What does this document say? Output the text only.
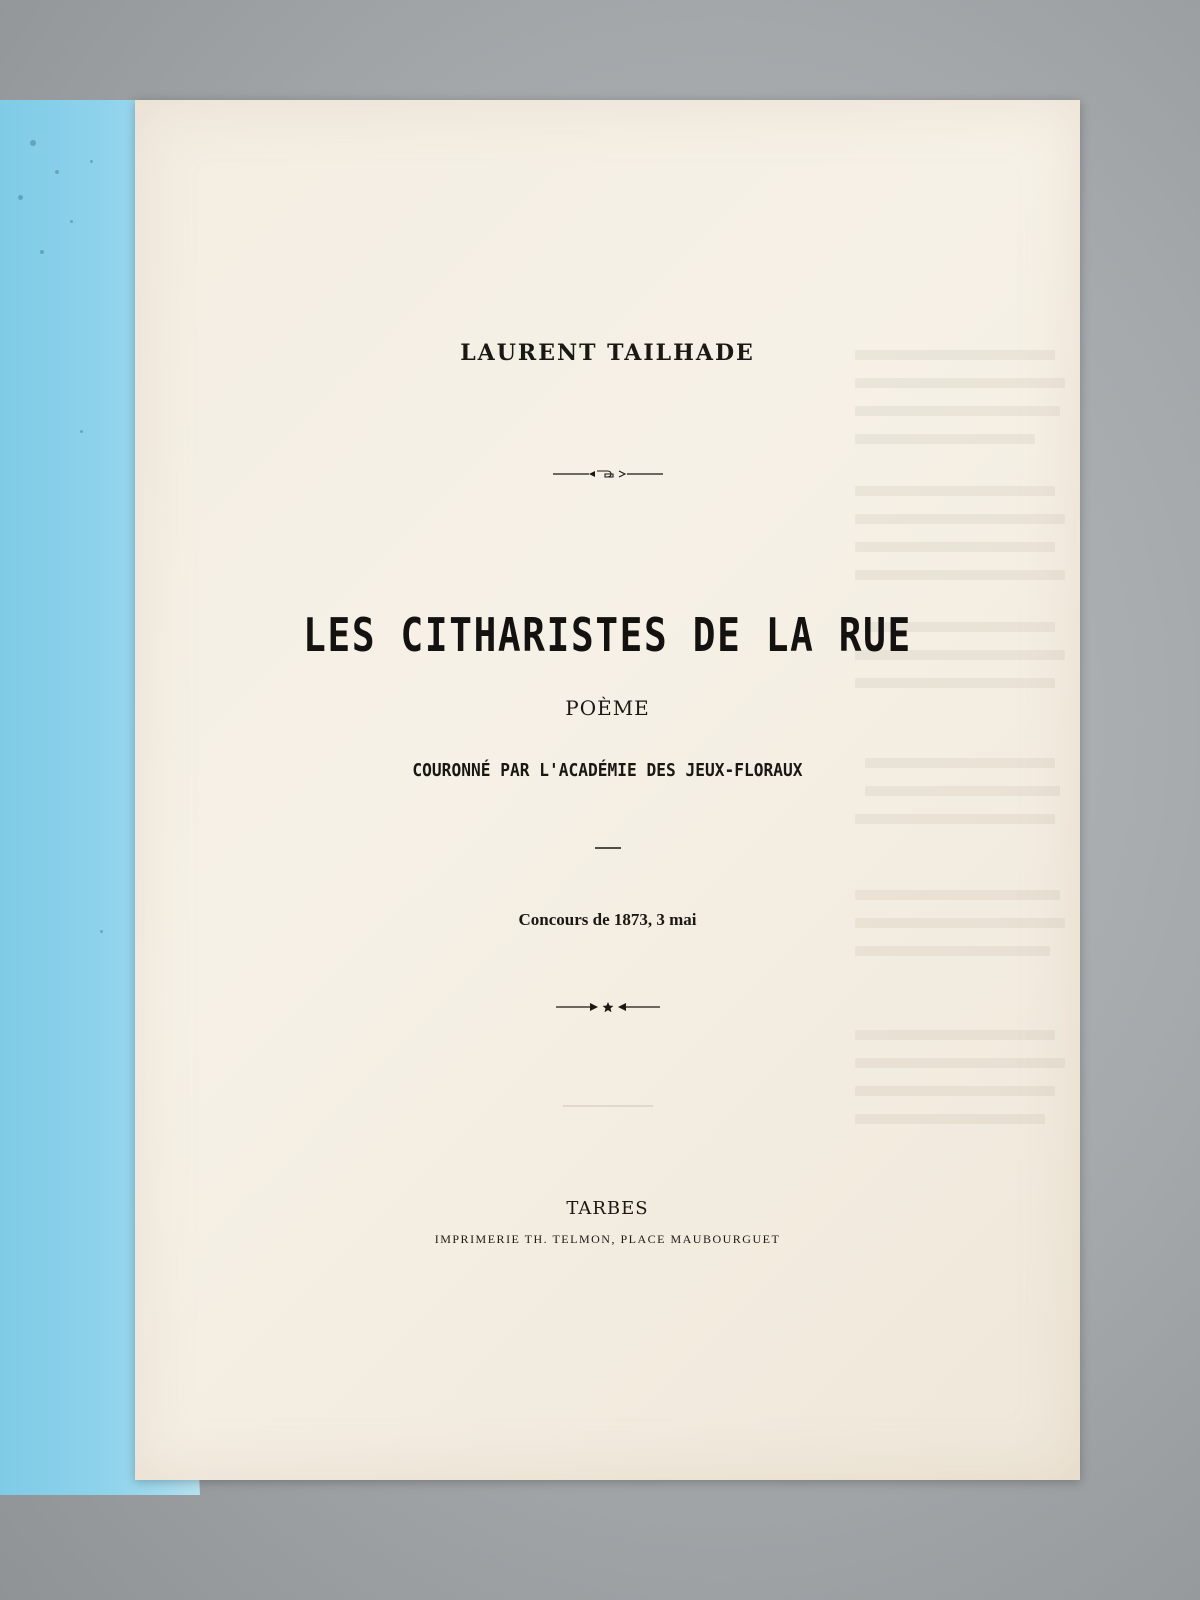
LAURENT TAILHADE
LES CITHARISTES DE LA RUE
POÈME
COURONNÉ PAR L'ACADÉMIE DES JEUX-FLORAUX
Concours de 1873, 3 mai
TARBES
IMPRIMERIE TH. TELMON, PLACE MAUBOURGUET
